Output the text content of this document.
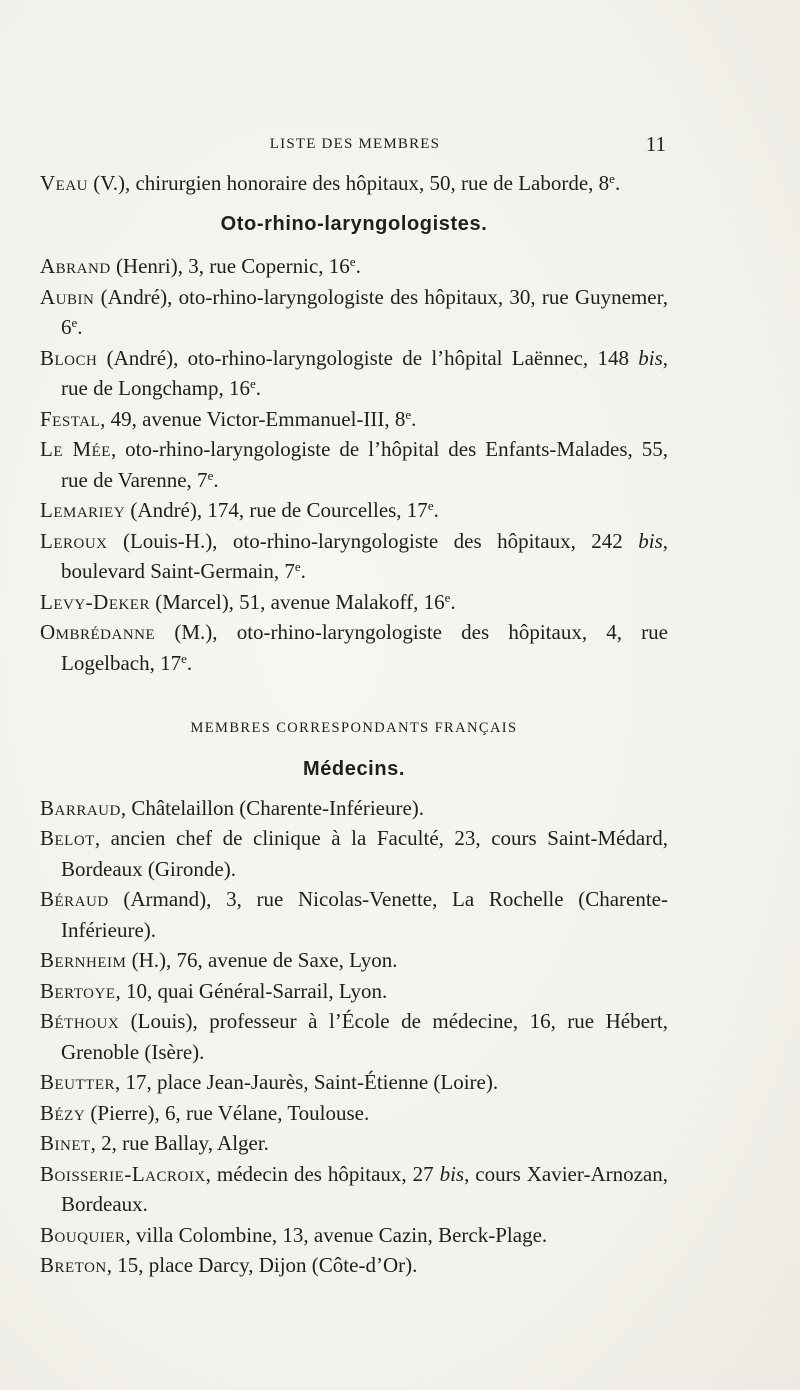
LISTE DES MEMBRES	11

Veau (V.), chirurgien honoraire des hôpitaux, 50, rue de Laborde, 8e.

Oto-rhino-laryngologistes.

Abrand (Henri), 3, rue Copernic, 16e.

Aubin (André), oto-rhino-laryngologiste des hôpitaux, 30, rue Guynemer, 6e.

Bloch (André), oto-rhino-laryngologiste de l’hôpital Laënnec, 148 bis, rue de Longchamp, 16e.

Festal, 49, avenue Victor-Emmanuel-III, 8e.

Le Mée, oto-rhino-laryngologiste de l’hôpital des Enfants-Malades, 55, rue de Varenne, 7e.

Lemariey (André), 174, rue de Courcelles, 17e.

Leroux (Louis-H.), oto-rhino-laryngologiste des hôpitaux, 242 bis, boulevard Saint-Germain, 7e.

Levy-Deker (Marcel), 51, avenue Malakoff, 16e.

Ombrédanne (M.), oto-rhino-laryngologiste des hôpitaux, 4, rue Logelbach, 17e.

MEMBRES CORRESPONDANTS FRANÇAIS
Médecins.

Barraud, Châtelaillon (Charente-Inférieure).

Belot, ancien chef de clinique à la Faculté, 23, cours Saint-Médard, Bordeaux (Gironde).

Béraud (Armand), 3, rue Nicolas-Venette, La Rochelle (Charente-Inférieure).

Bernheim (H.), 76, avenue de Saxe, Lyon.

Bertoye, 10, quai Général-Sarrail, Lyon.

Béthoux (Louis), professeur à l’École de médecine, 16, rue Hébert, Grenoble (Isère).

Beutter, 17, place Jean-Jaurès, Saint-Étienne (Loire).

Bézy (Pierre), 6, rue Vélane, Toulouse.

Binet, 2, rue Ballay, Alger.

Boisserie-Lacroix, médecin des hôpitaux, 27 bis, cours Xavier-Arnozan, Bordeaux.

Bouquier, villa Colombine, 13, avenue Cazin, Berck-Plage.

Breton, 15, place Darcy, Dijon (Côte-d’Or).
